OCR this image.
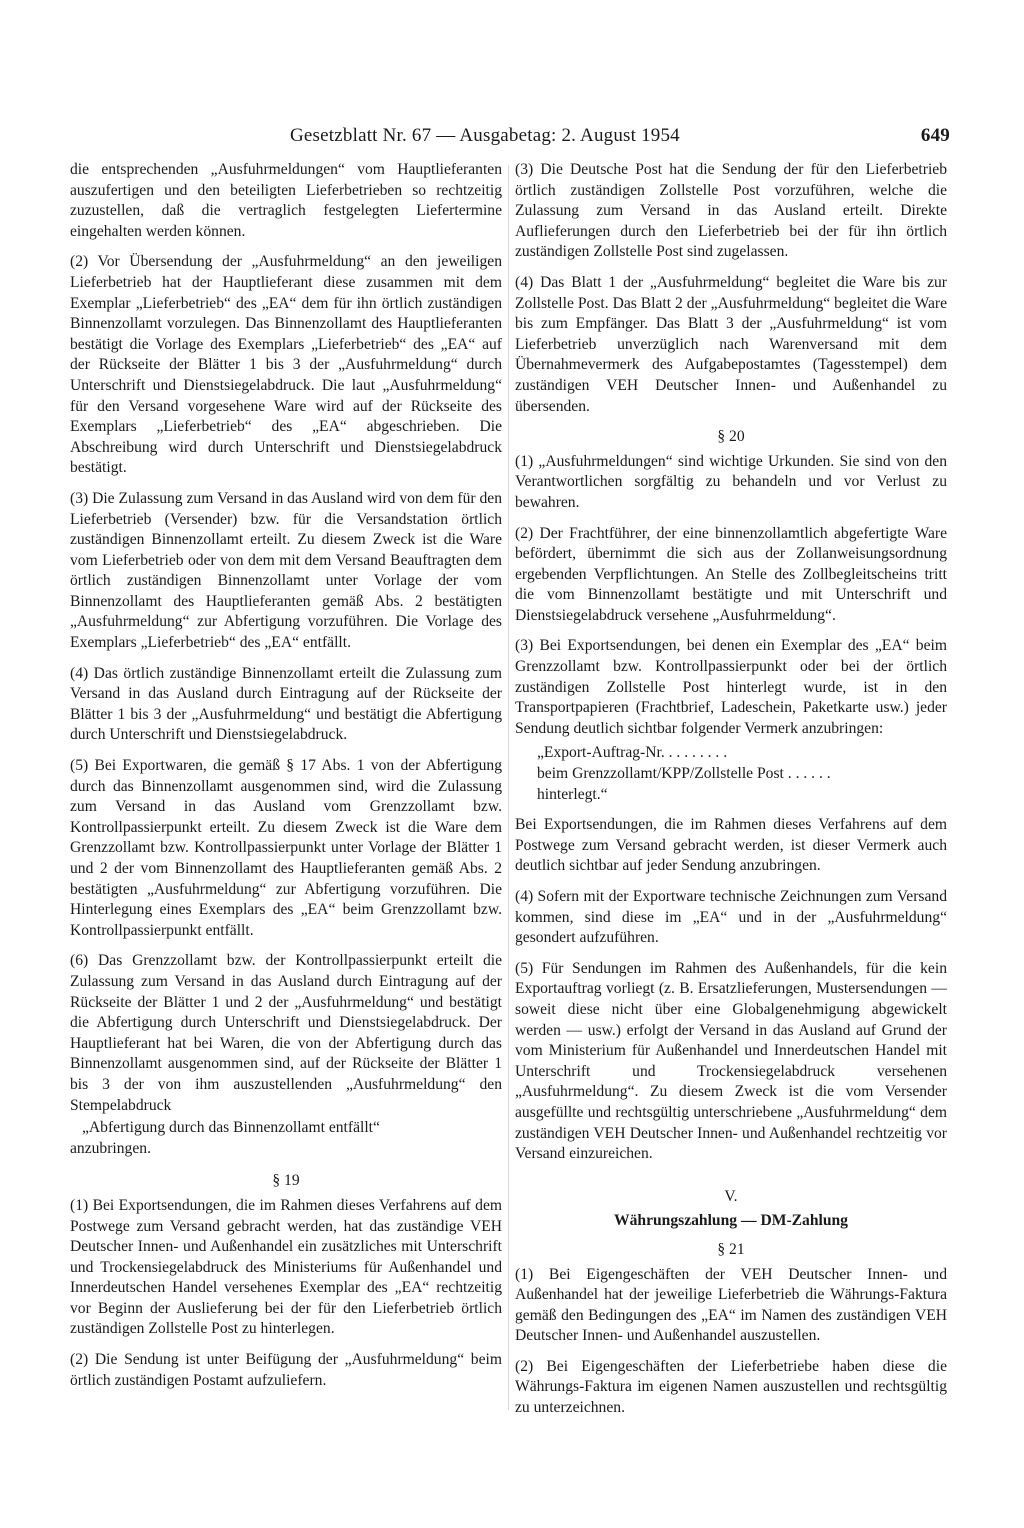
Gesetzblatt Nr. 67 — Ausgabetag: 2. August 1954	649

die entsprechenden „Ausfuhrmeldungen“ vom Hauptlieferanten auszufertigen und den beteiligten Lieferbetrieben so rechtzeitig zuzustellen, daß die vertraglich festgelegten Liefertermine eingehalten werden können.

(2) Vor Übersendung der „Ausfuhrmeldung“ an den jeweiligen Lieferbetrieb hat der Hauptlieferant diese zusammen mit dem Exemplar „Lieferbetrieb“ des „EA“ dem für ihn örtlich zuständigen Binnenzollamt vorzulegen. Das Binnenzollamt des Hauptlieferanten bestätigt die Vorlage des Exemplars „Lieferbetrieb“ des „EA“ auf der Rückseite der Blätter 1 bis 3 der „Ausfuhrmeldung“ durch Unterschrift und Dienstsiegelabdruck. Die laut „Ausfuhrmeldung“ für den Versand vorgesehene Ware wird auf der Rückseite des Exemplars „Lieferbetrieb“ des „EA“ abgeschrieben. Die Abschreibung wird durch Unterschrift und Dienstsiegelabdruck bestätigt.

(3) Die Zulassung zum Versand in das Ausland wird von dem für den Lieferbetrieb (Versender) bzw. für die Versandstation örtlich zuständigen Binnenzollamt erteilt. Zu diesem Zweck ist die Ware vom Lieferbetrieb oder von dem mit dem Versand Beauftragten dem örtlich zuständigen Binnenzollamt unter Vorlage der vom Binnenzollamt des Hauptlieferanten gemäß Abs. 2 bestätigten „Ausfuhrmeldung“ zur Abfertigung vorzuführen. Die Vorlage des Exemplars „Lieferbetrieb“ des „EA“ entfällt.

(4) Das örtlich zuständige Binnenzollamt erteilt die Zulassung zum Versand in das Ausland durch Eintragung auf der Rückseite der Blätter 1 bis 3 der „Ausfuhrmeldung“ und bestätigt die Abfertigung durch Unterschrift und Dienstsiegelabdruck.

(5) Bei Exportwaren, die gemäß § 17 Abs. 1 von der Abfertigung durch das Binnenzollamt ausgenommen sind, wird die Zulassung zum Versand in das Ausland vom Grenzzollamt bzw. Kontrollpassierpunkt erteilt. Zu diesem Zweck ist die Ware dem Grenzzollamt bzw. Kontrollpassierpunkt unter Vorlage der Blätter 1 und 2 der vom Binnenzollamt des Hauptlieferanten gemäß Abs. 2 bestätigten „Ausfuhrmeldung“ zur Abfertigung vorzuführen. Die Hinterlegung eines Exemplars des „EA“ beim Grenzzollamt bzw. Kontrollpassierpunkt entfällt.

(6) Das Grenzzollamt bzw. der Kontrollpassierpunkt erteilt die Zulassung zum Versand in das Ausland durch Eintragung auf der Rückseite der Blätter 1 und 2 der „Ausfuhrmeldung“ und bestätigt die Abfertigung durch Unterschrift und Dienstsiegelabdruck. Der Hauptlieferant hat bei Waren, die von der Abfertigung durch das Binnenzollamt ausgenommen sind, auf der Rückseite der Blätter 1 bis 3 der von ihm auszustellenden „Ausfuhrmeldung“ den Stempelabdruck

„Abfertigung durch das Binnenzollamt entfällt“

anzubringen.

§ 19

(1) Bei Exportsendungen, die im Rahmen dieses Verfahrens auf dem Postwege zum Versand gebracht werden, hat das zuständige VEH Deutscher Innen- und Außenhandel ein zusätzliches mit Unterschrift und Trockensiegelabdruck des Ministeriums für Außenhandel und Innerdeutschen Handel versehenes Exemplar des „EA“ rechtzeitig vor Beginn der Auslieferung bei der für den Lieferbetrieb örtlich zuständigen Zollstelle Post zu hinterlegen.

(2) Die Sendung ist unter Beifügung der „Ausfuhrmeldung“ beim örtlich zuständigen Postamt aufzuliefern.

(3) Die Deutsche Post hat die Sendung der für den Lieferbetrieb örtlich zuständigen Zollstelle Post vorzuführen, welche die Zulassung zum Versand in das Ausland erteilt. Direkte Auflieferungen durch den Lieferbetrieb bei der für ihn örtlich zuständigen Zollstelle Post sind zugelassen.

(4) Das Blatt 1 der „Ausfuhrmeldung“ begleitet die Ware bis zur Zollstelle Post. Das Blatt 2 der „Ausfuhrmeldung“ begleitet die Ware bis zum Empfänger. Das Blatt 3 der „Ausfuhrmeldung“ ist vom Lieferbetrieb unverzüglich nach Warenversand mit dem Übernahmevermerk des Aufgabepostamtes (Tagesstempel) dem zuständigen VEH Deutscher Innen- und Außenhandel zu übersenden.

§ 20

(1) „Ausfuhrmeldungen“ sind wichtige Urkunden. Sie sind von den Verantwortlichen sorgfältig zu behandeln und vor Verlust zu bewahren.

(2) Der Frachtführer, der eine binnenzollamtlich abgefertigte Ware befördert, übernimmt die sich aus der Zollanweisungsordnung ergebenden Verpflichtungen. An Stelle des Zollbegleitscheins tritt die vom Binnenzollamt bestätigte und mit Unterschrift und Dienstsiegelabdruck versehene „Ausfuhrmeldung“.

(3) Bei Exportsendungen, bei denen ein Exemplar des „EA“ beim Grenzzollamt bzw. Kontrollpassierpunkt oder bei der örtlich zuständigen Zollstelle Post hinterlegt wurde, ist in den Transportpapieren (Frachtbrief, Ladeschein, Paketkarte usw.) jeder Sendung deutlich sichtbar folgender Vermerk anzubringen:

„Export-Auftrag-Nr. . . . . . . . .

beim Grenzzollamt/KPP/Zollstelle Post . . . . . .

hinterlegt.“

Bei Exportsendungen, die im Rahmen dieses Verfahrens auf dem Postwege zum Versand gebracht werden, ist dieser Vermerk auch deutlich sichtbar auf jeder Sendung anzubringen.

(4) Sofern mit der Exportware technische Zeichnungen zum Versand kommen, sind diese im „EA“ und in der „Ausfuhrmeldung“ gesondert aufzuführen.

(5) Für Sendungen im Rahmen des Außenhandels, für die kein Exportauftrag vorliegt (z. B. Ersatzlieferungen, Mustersendungen — soweit diese nicht über eine Globalgenehmigung abgewickelt werden — usw.) erfolgt der Versand in das Ausland auf Grund der vom Ministerium für Außenhandel und Innerdeutschen Handel mit Unterschrift und Trockensiegelabdruck versehenen „Ausfuhrmeldung“. Zu diesem Zweck ist die vom Versender ausgefüllte und rechtsgültig unterschriebene „Ausfuhrmeldung“ dem zuständigen VEH Deutscher Innen- und Außenhandel rechtzeitig vor Versand einzureichen.

V.
Währungszahlung — DM-Zahlung
§ 21

(1) Bei Eigengeschäften der VEH Deutscher Innen- und Außenhandel hat der jeweilige Lieferbetrieb die Währungs-Faktura gemäß den Bedingungen des „EA“ im Namen des zuständigen VEH Deutscher Innen- und Außenhandel auszustellen.

(2) Bei Eigengeschäften der Lieferbetriebe haben diese die Währungs-Faktura im eigenen Namen auszustellen und rechtsgültig zu unterzeichnen.
